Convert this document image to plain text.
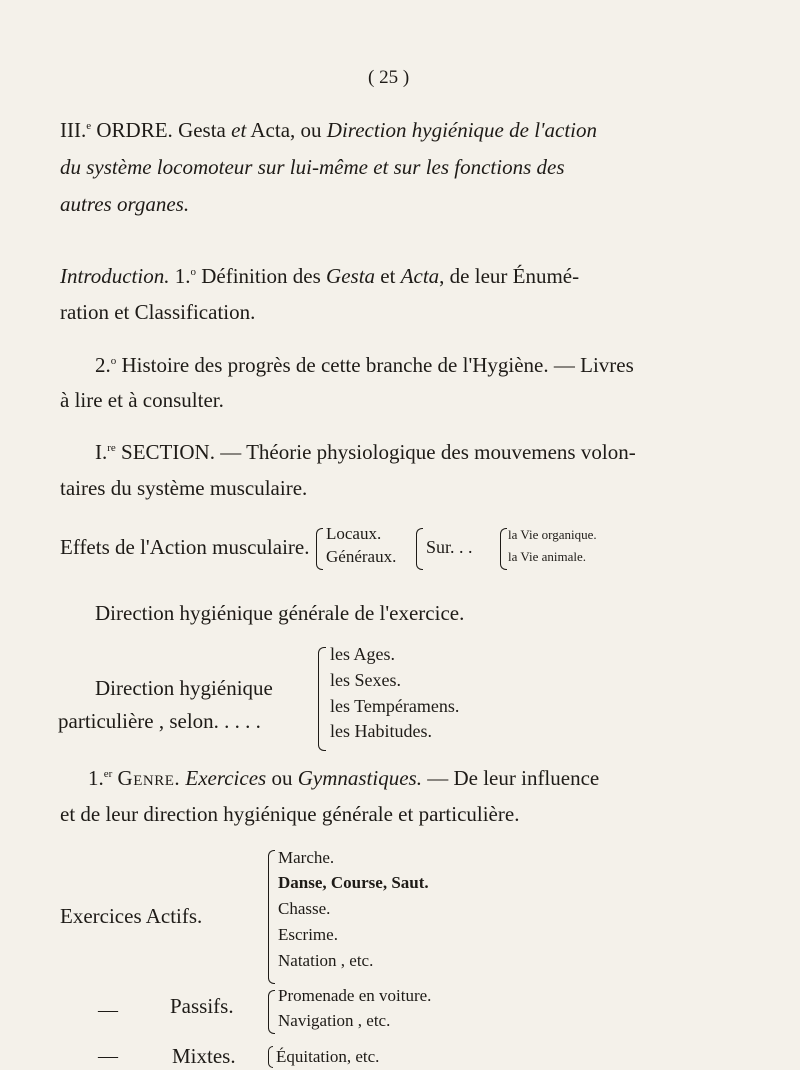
( 25 )
III.$^e$ ORDRE. Gesta et Acta, ou Direction hygiénique de l'action
du système locomoteur sur lui-même et sur les fonctions des
autres organes.
Introduction. 1.$^o$ Définition des Gesta et Acta, de leur Énumé-
ration et Classification.
2.$^o$ Histoire des progrès de cette branche de l'Hygiène. — Livres
à lire et à consulter.
I.$^{re}$ SECTION. — Théorie physiologique des mouvemens volon-
taires du système musculaire.
Effets de l'Action musculaire.
Locaux.
Généraux. Sur. . .
la Vie organique.
la Vie animale.
Direction hygiénique générale de l'exercice.
Direction hygiénique
particulière , selon. . . . .
les Ages.
les Sexes.
les Tempéramens.
les Habitudes.
1.$^{er}$ Genre. Exercices ou Gymnastiques. — De leur influence
et de leur direction hygiénique générale et particulière.
Exercices Actifs.
Marche.
Danse, Course, Saut.
Chasse.
Escrime.
Natation , etc.
— Passifs.	Promenade en voiture.
Navigation , etc.
—	Mixtes. Équitation, etc.
